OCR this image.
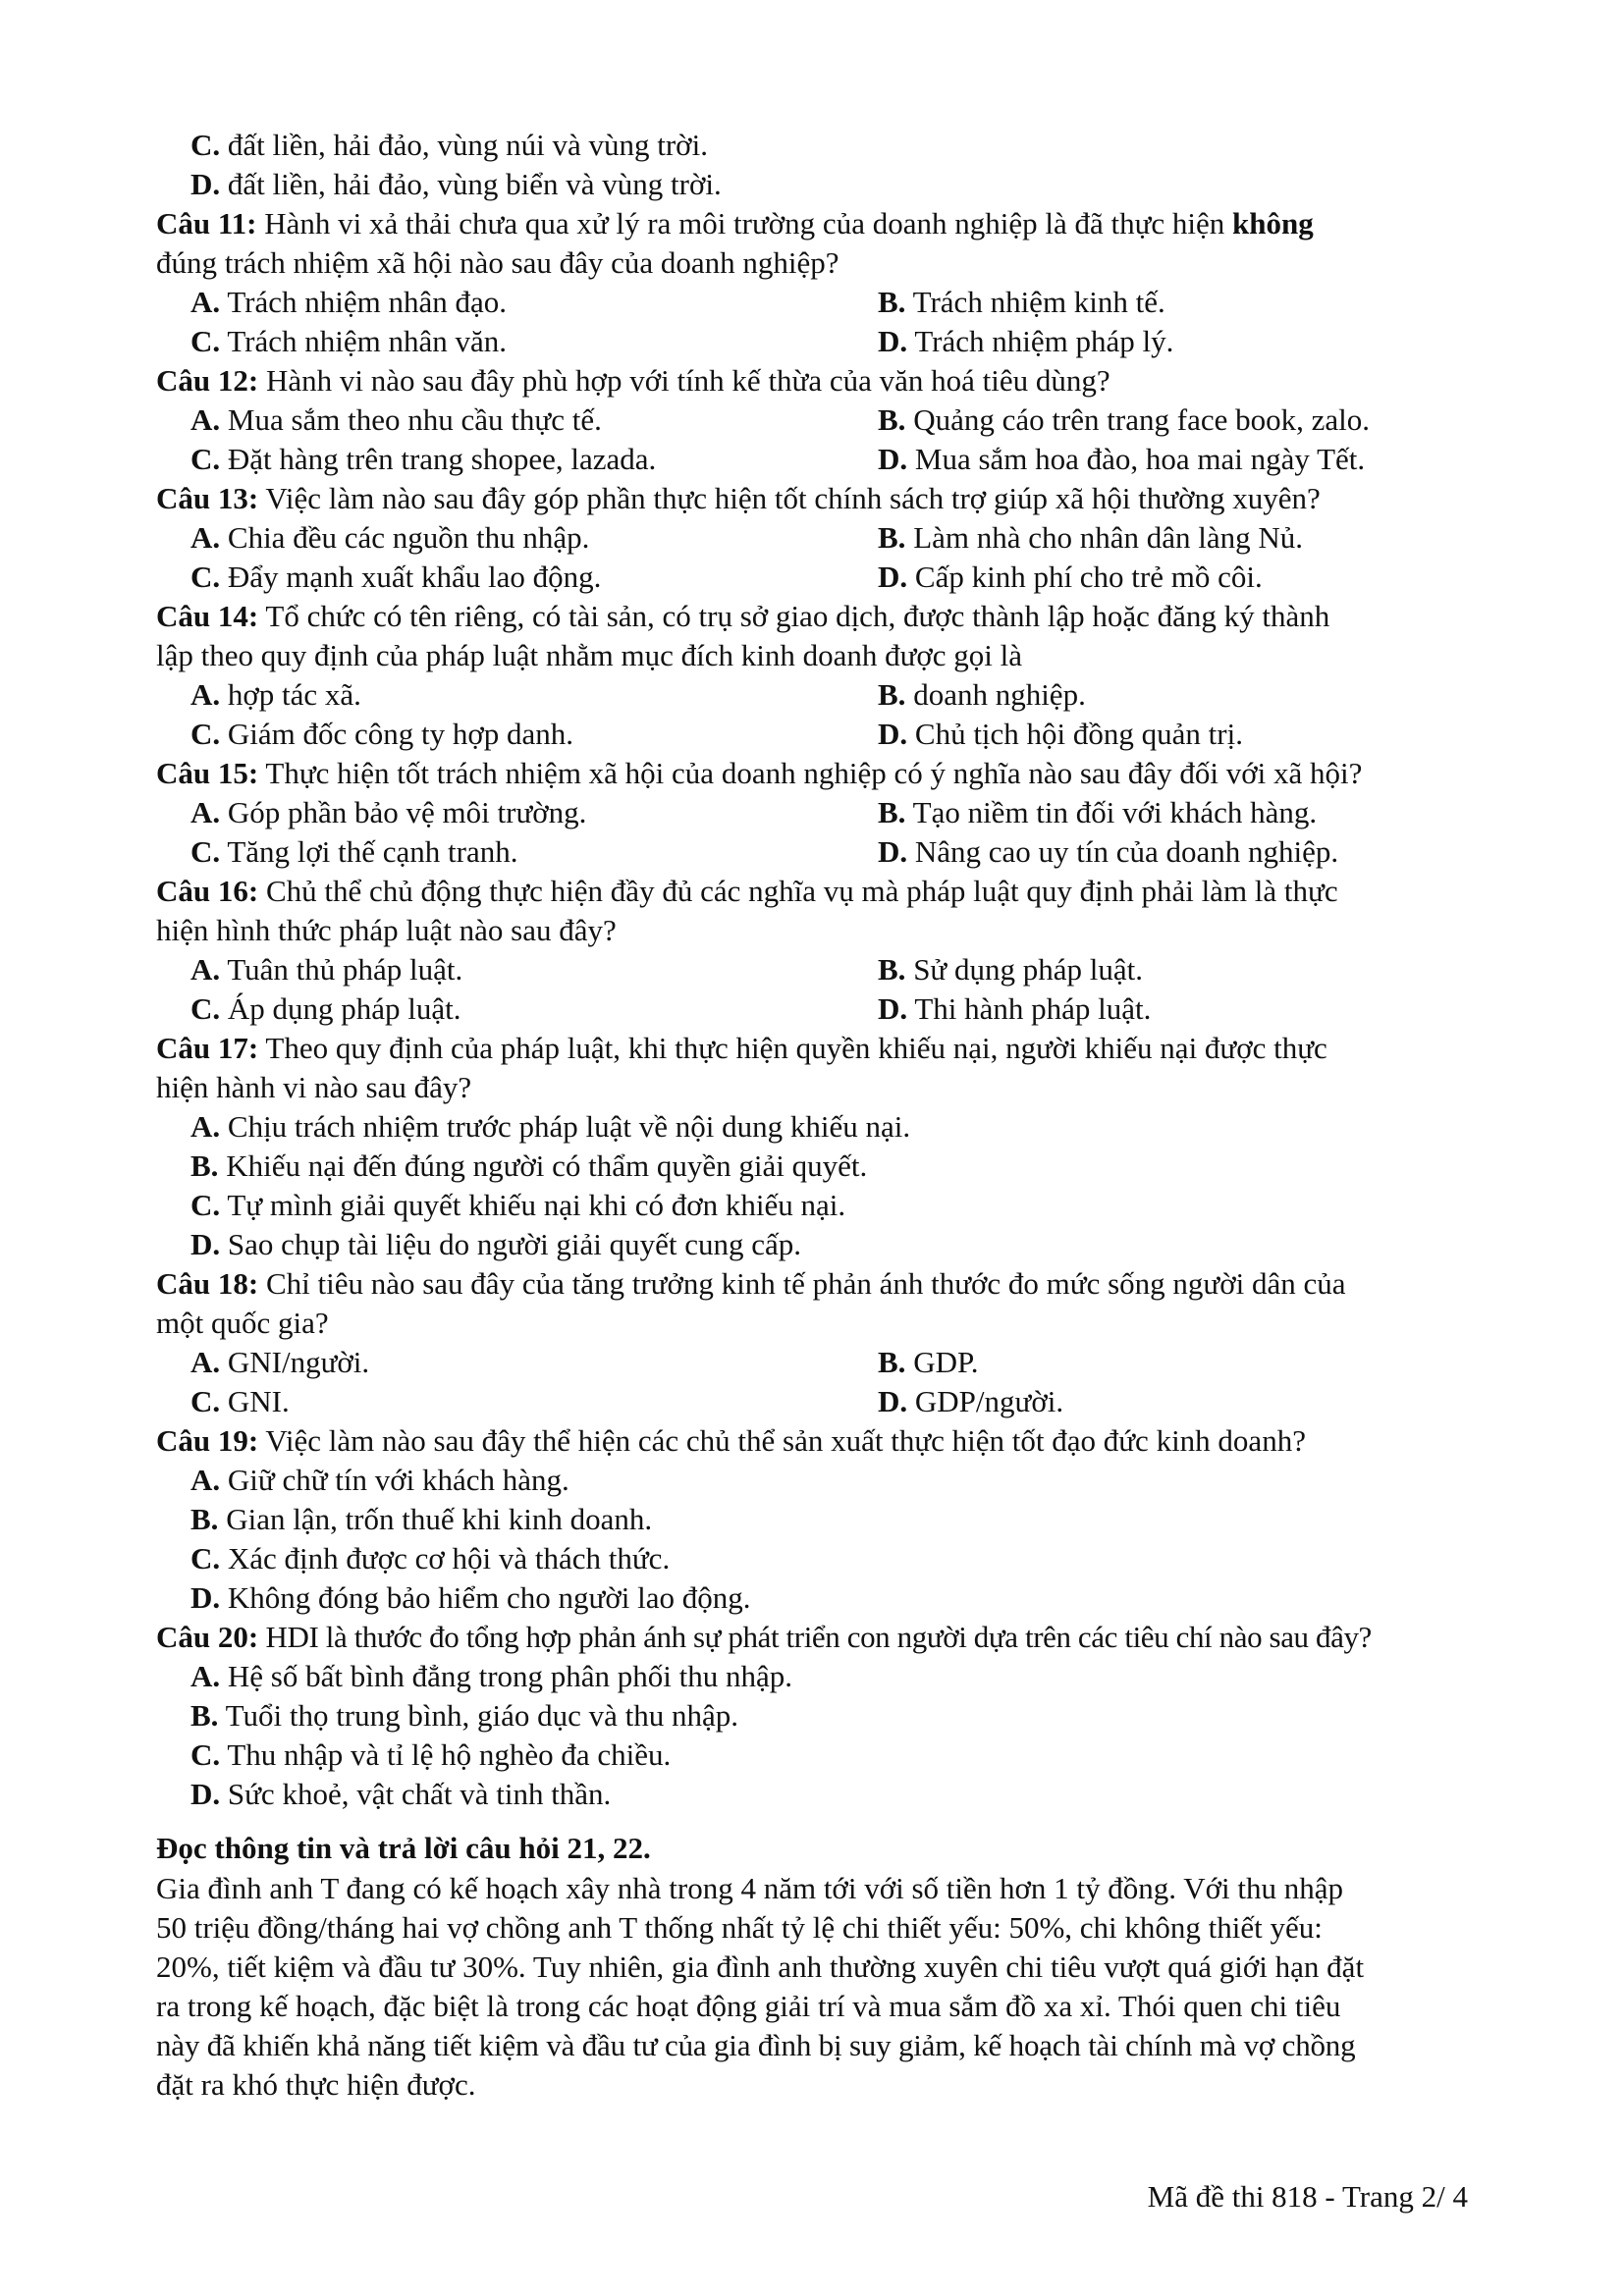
C. đất liền, hải đảo, vùng núi và vùng trời.
D. đất liền, hải đảo, vùng biển và vùng trời.
Câu 11: Hành vi xả thải chưa qua xử lý ra môi trường của doanh nghiệp là đã thực hiện không
đúng trách nhiệm xã hội nào sau đây của doanh nghiệp?
A. Trách nhiệm nhân đạo.	B. Trách nhiệm kinh tế.
C. Trách nhiệm nhân văn.	D. Trách nhiệm pháp lý.
Câu 12: Hành vi nào sau đây phù hợp với tính kế thừa của văn hoá tiêu dùng?
A. Mua sắm theo nhu cầu thực tế.	B. Quảng cáo trên trang face book, zalo.
C. Đặt hàng trên trang shopee, lazada.	D. Mua sắm hoa đào, hoa mai ngày Tết.
Câu 13: Việc làm nào sau đây góp phần thực hiện tốt chính sách trợ giúp xã hội thường xuyên?
A. Chia đều các nguồn thu nhập.	B. Làm nhà cho nhân dân làng Nủ.
C. Đẩy mạnh xuất khẩu lao động.	D. Cấp kinh phí cho trẻ mồ côi.
Câu 14: Tổ chức có tên riêng, có tài sản, có trụ sở giao dịch, được thành lập hoặc đăng ký thành
lập theo quy định của pháp luật nhằm mục đích kinh doanh được gọi là
A. hợp tác xã.	B. doanh nghiệp.
C. Giám đốc công ty hợp danh.	D. Chủ tịch hội đồng quản trị.
Câu 15: Thực hiện tốt trách nhiệm xã hội của doanh nghiệp có ý nghĩa nào sau đây đối với xã hội?
A. Góp phần bảo vệ môi trường.	B. Tạo niềm tin đối với khách hàng.
C. Tăng lợi thế cạnh tranh.	D. Nâng cao uy tín của doanh nghiệp.
Câu 16: Chủ thể chủ động thực hiện đầy đủ các nghĩa vụ mà pháp luật quy định phải làm là thực
hiện hình thức pháp luật nào sau đây?
A. Tuân thủ pháp luật.	B. Sử dụng pháp luật.
C. Áp dụng pháp luật.	D. Thi hành pháp luật.
Câu 17: Theo quy định của pháp luật, khi thực hiện quyền khiếu nại, người khiếu nại được thực
hiện hành vi nào sau đây?
A. Chịu trách nhiệm trước pháp luật về nội dung khiếu nại.
B. Khiếu nại đến đúng người có thẩm quyền giải quyết.
C. Tự mình giải quyết khiếu nại khi có đơn khiếu nại.
D. Sao chụp tài liệu do người giải quyết cung cấp.
Câu 18: Chỉ tiêu nào sau đây của tăng trưởng kinh tế phản ánh thước đo mức sống người dân của
một quốc gia?
A. GNI/người.	B. GDP.
C. GNI.	D. GDP/người.
Câu 19: Việc làm nào sau đây thể hiện các chủ thể sản xuất thực hiện tốt đạo đức kinh doanh?
A. Giữ chữ tín với khách hàng.
B. Gian lận, trốn thuế khi kinh doanh.
C. Xác định được cơ hội và thách thức.
D. Không đóng bảo hiểm cho người lao động.
Câu 20: HDI là thước đo tổng hợp phản ánh sự phát triển con người dựa trên các tiêu chí nào sau đây?
A. Hệ số bất bình đẳng trong phân phối thu nhập.
B. Tuổi thọ trung bình, giáo dục và thu nhập.
C. Thu nhập và tỉ lệ hộ nghèo đa chiều.
D. Sức khoẻ, vật chất và tinh thần.
Đọc thông tin và trả lời câu hỏi 21, 22.
Gia đình anh T đang có kế hoạch xây nhà trong 4 năm tới với số tiền hơn 1 tỷ đồng. Với thu nhập
50 triệu đồng/tháng hai vợ chồng anh T thống nhất tỷ lệ chi thiết yếu: 50%, chi không thiết yếu:
20%, tiết kiệm và đầu tư 30%. Tuy nhiên, gia đình anh thường xuyên chi tiêu vượt quá giới hạn đặt
ra trong kế hoạch, đặc biệt là trong các hoạt động giải trí và mua sắm đồ xa xỉ. Thói quen chi tiêu
này đã khiến khả năng tiết kiệm và đầu tư của gia đình bị suy giảm, kế hoạch tài chính mà vợ chồng
đặt ra khó thực hiện được.
Mã đề thi 818 - Trang 2/ 4
